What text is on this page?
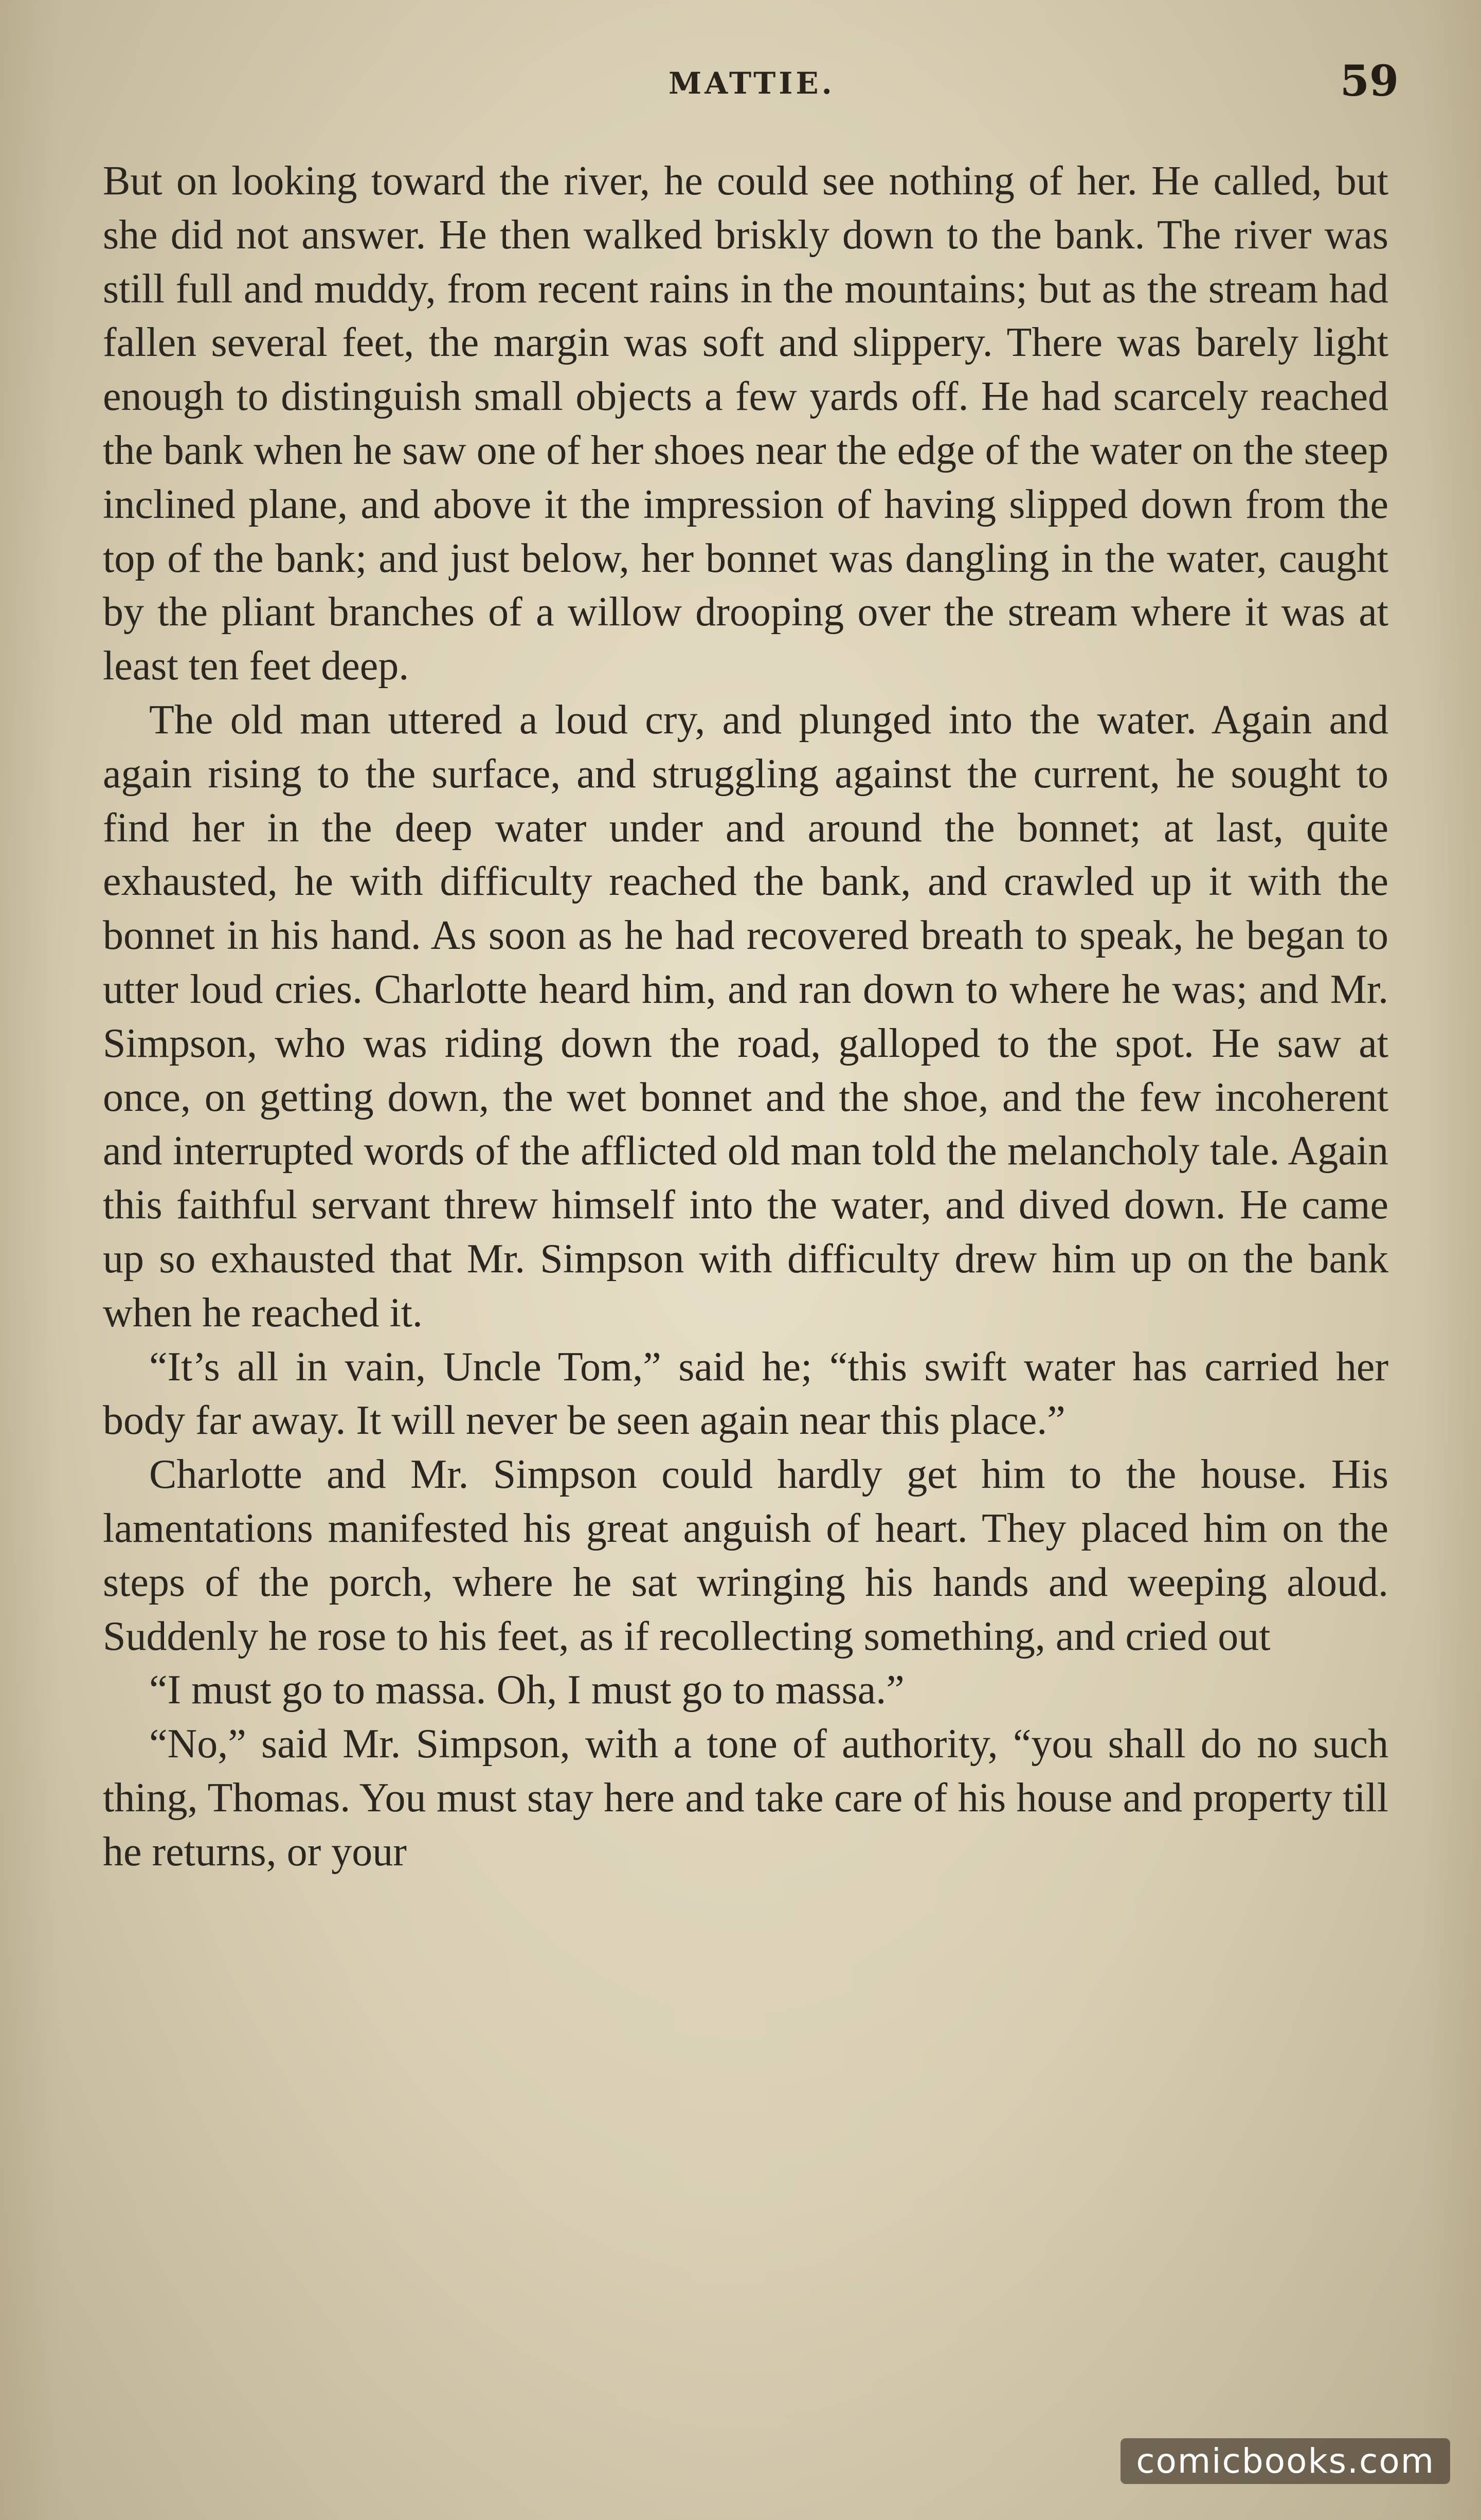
MATTIE.	59

But on looking toward the river, he could see nothing of her. He called, but she did not answer. He then walked briskly down to the bank. The river was still full and muddy, from recent rains in the mountains; but as the stream had fallen several feet, the margin was soft and slippery. There was barely light enough to distinguish small objects a few yards off. He had scarcely reached the bank when he saw one of her shoes near the edge of the water on the steep inclined plane, and above it the impression of having slipped down from the top of the bank; and just below, her bonnet was dangling in the water, caught by the pliant branches of a willow drooping over the stream where it was at least ten feet deep.

The old man uttered a loud cry, and plunged into the water. Again and again rising to the surface, and struggling against the current, he sought to find her in the deep water under and around the bonnet; at last, quite exhausted, he with difficulty reached the bank, and crawled up it with the bonnet in his hand. As soon as he had recovered breath to speak, he began to utter loud cries. Charlotte heard him, and ran down to where he was; and Mr. Simpson, who was riding down the road, galloped to the spot. He saw at once, on getting down, the wet bonnet and the shoe, and the few incoherent and interrupted words of the afflicted old man told the melancholy tale. Again this faithful servant threw himself into the water, and dived down. He came up so exhausted that Mr. Simpson with difficulty drew him up on the bank when he reached it.

“It’s all in vain, Uncle Tom,” said he; “this swift water has carried her body far away. It will never be seen again near this place.”

Charlotte and Mr. Simpson could hardly get him to the house. His lamentations manifested his great anguish of heart. They placed him on the steps of the porch, where he sat wringing his hands and weeping aloud. Suddenly he rose to his feet, as if recollecting something, and cried out

“I must go to massa. Oh, I must go to massa.”

“No,” said Mr. Simpson, with a tone of authority, “you shall do no such thing, Thomas. You must stay here and take care of his house and property till he returns, or your

comicbooks.com
